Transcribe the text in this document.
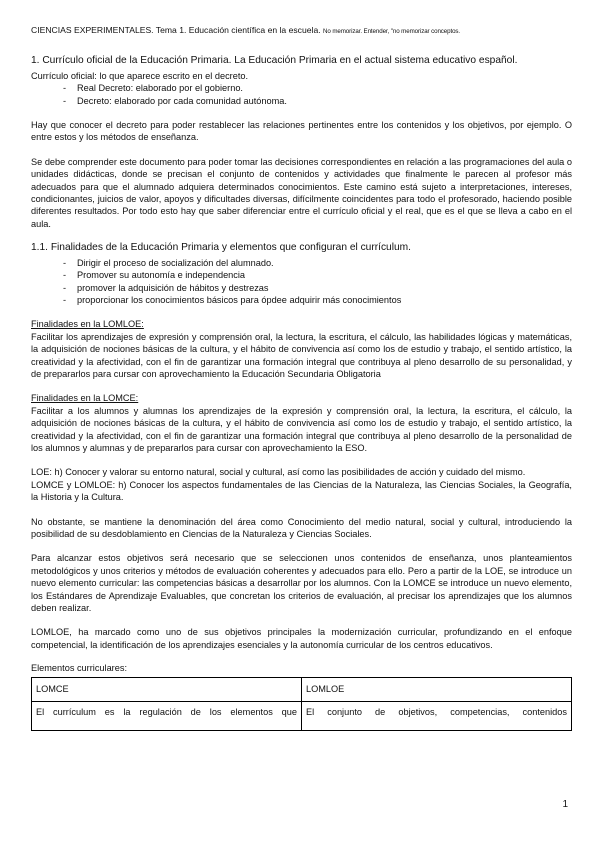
CIENCIAS EXPERIMENTALES. Tema 1. Educación científica en la escuela. No memorizar. Entender, "no memorizar conceptos.
1. Currículo oficial de la Educación Primaria. La Educación Primaria en el actual sistema educativo español.

Currículo oficial: lo que aparece escrito en el decreto.

- Real Decreto: elaborado por el gobierno.
- Decreto: elaborado por cada comunidad autónoma.

Hay que conocer el decreto para poder restablecer las relaciones pertinentes entre los contenidos y los objetivos, por ejemplo. O entre estos y los métodos de enseñanza.

Se debe comprender este documento para poder tomar las decisiones correspondientes en relación a las programaciones del aula o unidades didácticas, donde se precisan el conjunto de contenidos y actividades que finalmente le parecen al profesor más adecuados para que el alumnado adquiera determinados conocimientos. Este camino está sujeto a interpretaciones, intereses, condicionantes, juicios de valor, apoyos y dificultades diversas, difícilmente coincidentes para todo el profesorado, haciendo posible diferentes resultados. Por todo esto hay que saber diferenciar entre el currículo oficial y el real, que es el que se lleva a cabo en el aula.

1.1. Finalidades de la Educación Primaria y elementos que configuran el currículum.
- Dirigir el proceso de socialización del alumnado.
- Promover su autonomía e independencia
- promover la adquisición de hábitos y destrezas
- proporcionar los conocimientos básicos para ópdee adquirir más conocimientos

Finalidades en la LOMLOE:

Facilitar los aprendizajes de expresión y comprensión oral, la lectura, la escritura, el cálculo, las habilidades lógicas y matemáticas, la adquisición de nociones básicas de la cultura, y el hábito de convivencia así como los de estudio y trabajo, el sentido artístico, la creatividad y la afectividad, con el fin de garantizar una formación integral que contribuya al pleno desarrollo de su personalidad, y de prepararlos para cursar con aprovechamiento la Educación Secundaria Obligatoria

Finalidades en la LOMCE:

Facilitar a los alumnos y alumnas los aprendizajes de la expresión y comprensión oral, la lectura, la escritura, el cálculo, la adquisición de nociones básicas de la cultura, y el hábito de convivencia así como los de estudio y trabajo, el sentido artístico, la creatividad y la afectividad, con el fin de garantizar una formación integral que contribuya al pleno desarrollo de la personalidad de los alumnos y alumnas y de prepararlos para cursar con aprovechamiento la ESO.

LOE: h) Conocer y valorar su entorno natural, social y cultural, así como las posibilidades de acción y cuidado del mismo.

LOMCE y LOMLOE: h) Conocer los aspectos fundamentales de las Ciencias de la Naturaleza, las Ciencias Sociales, la Geografía, la Historia y la Cultura.

No obstante, se mantiene la denominación del área como Conocimiento del medio natural, social y cultural, introduciendo la posibilidad de su desdoblamiento en Ciencias de la Naturaleza y Ciencias Sociales.

Para alcanzar estos objetivos será necesario que se seleccionen unos contenidos de enseñanza, unos planteamientos metodológicos y unos criterios y métodos de evaluación coherentes y adecuados para ello. Pero a partir de la LOE, se introduce un nuevo elemento curricular: las competencias básicas a desarrollar por los alumnos. Con la LOMCE se introduce un nuevo elemento, los Estándares de Aprendizaje Evaluables, que concretan los criterios de evaluación, al precisar los aprendizajes que los alumnos deben realizar.

LOMLOE, ha marcado como uno de sus objetivos principales la modernización curricular, profundizando en el enfoque competencial, la identificación de los aprendizajes esenciales y la autonomía curricular de los centros educativos.

Elementos curriculares:

LOMCE	LOMLOE
El currículum es la regulación de los elementos que	El conjunto de objetivos, competencias, contenidos
1
